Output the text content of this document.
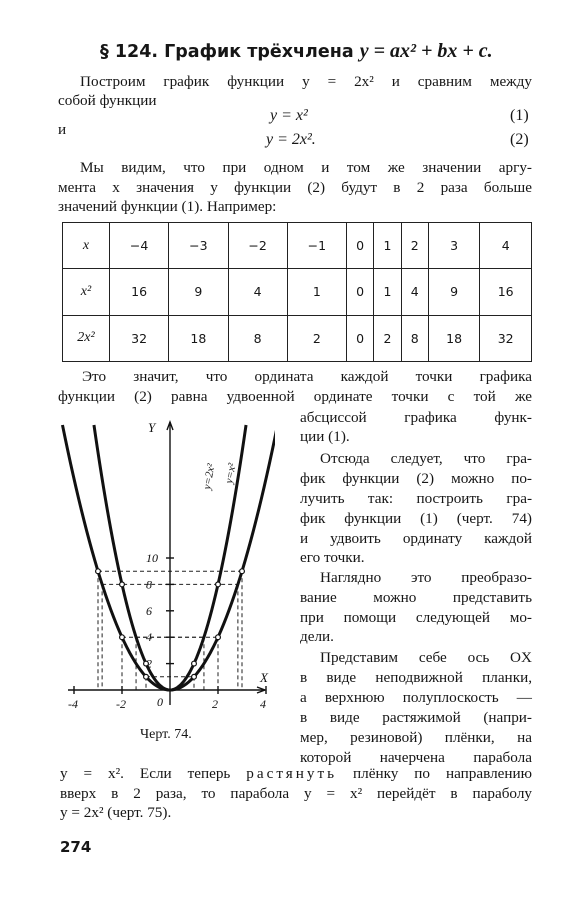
§ 124. График трёхчлена y = ax² + bx + c.
Построим график функции y = 2x² и сравним между
собой функции
y = x²	(1)
и
y = 2x².	(2)
Мы видим, что при одном и том же значении аргу-
мента x значения y функции (2) будут в 2 раза больше
значений функции (1). Например:
x	−4	−3	−2	−1	0	1	2	3	4
x²	16	9	4	1	0	1	4	9	16
2x²	32	18	8	2	0	2	8	18	32
Это значит, что ордината каждой точки графика
функции (2) равна удвоенной ординате точки с той же
абсциссой графика функ-
ции (1).
Отсюда следует, что гра-
фик функции (2) можно по-
лучить так: построить гра-
фик функции (1) (черт. 74)
и удвоить ординату каждой
его точки.
Наглядно это преобразо-
вание можно представить
при помощи следующей мо-
дели.
Представим себе ось OX
в виде неподвижной планки,
а верхнюю полуплоскость —
в виде растяжимой (напри-
мер, резиновой) плёнки, на
которой начерчена парабола
-4	-2	0	2	4
2
4
6
8
10
X
Y
y=2x² y=x²
Черт. 74.
y = x². Если теперь растянуть плёнку по направлению
вверх в 2 раза, то парабола y = x² перейдёт в параболу
y = 2x² (черт. 75).
274
